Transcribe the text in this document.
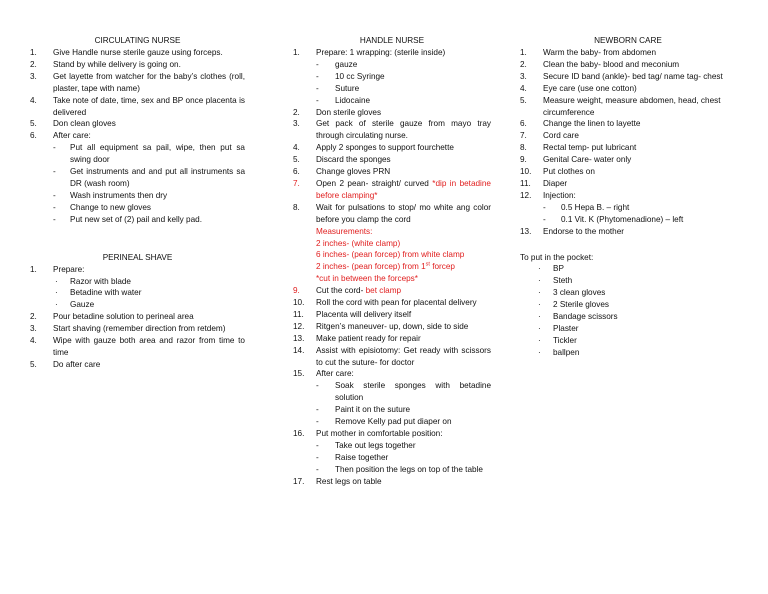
CIRCULATING NURSE

1. Give Handle nurse sterile gauze using forceps.
2. Stand by while delivery is going on.
3. Get layette from watcher for the baby’s clothes (roll, plaster, tape with name)
4. Take note of date, time, sex and BP once placenta is delivered
5. Don clean gloves
6. After care:
- Put all equipment sa pail, wipe, then put sa swing door
- Get instruments and and put all instruments sa DR (wash room)
- Wash instruments then dry
- Change to new gloves
- Put new set of (2) pail and kelly pad.

PERINEAL SHAVE

1. Prepare:
· Razor with blade
· Betadine with water
· Gauze
2. Pour betadine solution to perineal area
3. Start shaving (remember direction from retdem)
4. Wipe with gauze both area and razor from time to time
5. Do after care

HANDLE NURSE

1. Prepare: 1 wrapping: (sterile inside)
- gauze
- 10 cc Syringe
- Suture
- Lidocaine
2. Don sterile gloves
3. Get pack of sterile gauze from mayo tray through circulating nurse.
4. Apply 2 sponges to support fourchette
5. Discard the sponges
6. Change gloves PRN
7. Open 2 pean- straight/ curved *dip in betadine before clamping*
8. Wait for pulsations to stop/ mo white ang color before you clamp the cord
Measurements:
2 inches- (white clamp)
6 inches- (pean forcep) from white clamp
2 inches- (pean forcep) from 1st forcep
*cut in between the forceps*
9. Cut the cord- bet clamp
10. Roll the cord with pean for placental delivery
11. Placenta will delivery itself
12. Ritgen’s maneuver- up, down, side to side
13. Make patient ready for repair
14. Assist with episiotomy: Get ready with scissors to cut the suture- for doctor
15. After care:
- Soak sterile sponges with betadine solution
- Paint it on the suture
- Remove Kelly pad put diaper on
16. Put mother in comfortable position:
- Take out legs together
- Raise together
- Then position the legs on top of the table
17. Rest legs on table

NEWBORN CARE

1. Warm the baby- from abdomen
2. Clean the baby- blood and meconium
3. Secure ID band (ankle)- bed tag/ name tag- chest
4. Eye care (use one cotton)
5. Measure weight, measure abdomen, head, chest circumference
6. Change the linen to layette
7. Cord care
8. Rectal temp- put lubricant
9. Genital Care- water only
10. Put clothes on
11. Diaper
12. Injection:
- 0.5 Hepa B. – right
- 0.1 Vit. K (Phytomenadione) – left
13. Endorse to the mother

To put in the pocket:

· BP
· Steth
· 3 clean gloves
· 2 Sterile gloves
· Bandage scissors
· Plaster
· Tickler
· ballpen
